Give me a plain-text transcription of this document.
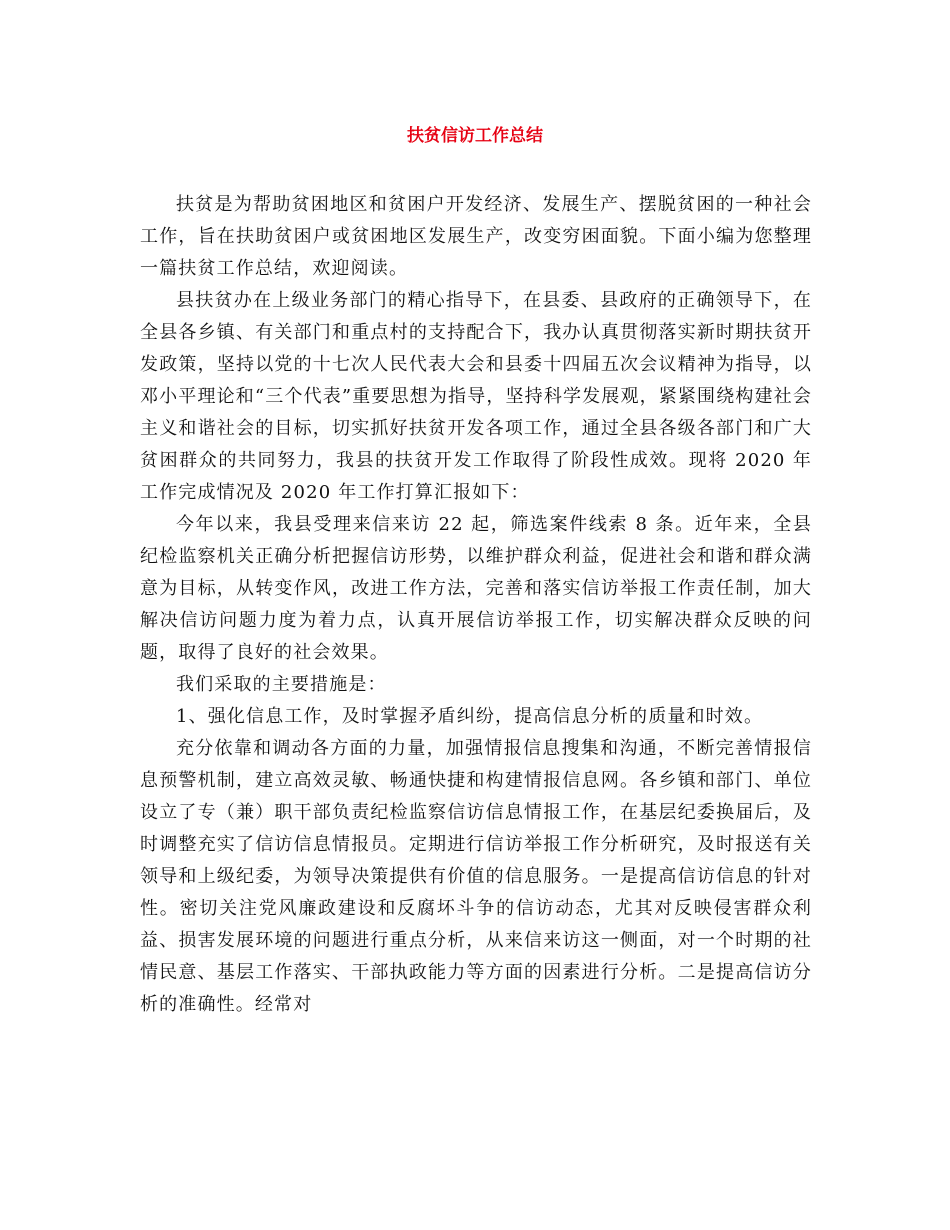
扶贫信访工作总结

扶贫是为帮助贫困地区和贫困户开发经济、发展生产、摆脱贫困的一种社会工作，旨在扶助贫困户或贫困地区发展生产，改变穷困面貌。下面小编为您整理一篇扶贫工作总结，欢迎阅读。

县扶贫办在上级业务部门的精心指导下，在县委、县政府的正确领导下，在全县各乡镇、有关部门和重点村的支持配合下，我办认真贯彻落实新时期扶贫开发政策，坚持以党的十七次人民代表大会和县委十四届五次会议精神为指导，以邓小平理论和“三个代表”重要思想为指导，坚持科学发展观，紧紧围绕构建社会主义和谐社会的目标，切实抓好扶贫开发各项工作，通过全县各级各部门和广大贫困群众的共同努力，我县的扶贫开发工作取得了阶段性成效。现将 2020 年工作完成情况及 2020 年工作打算汇报如下：

今年以来，我县受理来信来访 22 起，筛选案件线索 8 条。近年来，全县纪检监察机关正确分析把握信访形势，以维护群众利益，促进社会和谐和群众满意为目标，从转变作风，改进工作方法，完善和落实信访举报工作责任制，加大解决信访问题力度为着力点，认真开展信访举报工作，切实解决群众反映的问题，取得了良好的社会效果。

我们采取的主要措施是：

1、强化信息工作，及时掌握矛盾纠纷，提高信息分析的质量和时效。

充分依靠和调动各方面的力量，加强情报信息搜集和沟通，不断完善情报信息预警机制，建立高效灵敏、畅通快捷和构建情报信息网。各乡镇和部门、单位设立了专（兼）职干部负责纪检监察信访信息情报工作，在基层纪委换届后，及时调整充实了信访信息情报员。定期进行信访举报工作分析研究，及时报送有关领导和上级纪委，为领导决策提供有价值的信息服务。一是提高信访信息的针对性。密切关注党风廉政建设和反腐坏斗争的信访动态，尤其对反映侵害群众利益、损害发展环境的问题进行重点分析，从来信来访这一侧面，对一个时期的社情民意、基层工作落实、干部执政能力等方面的因素进行分析。二是提高信访分析的准确性。经常对
